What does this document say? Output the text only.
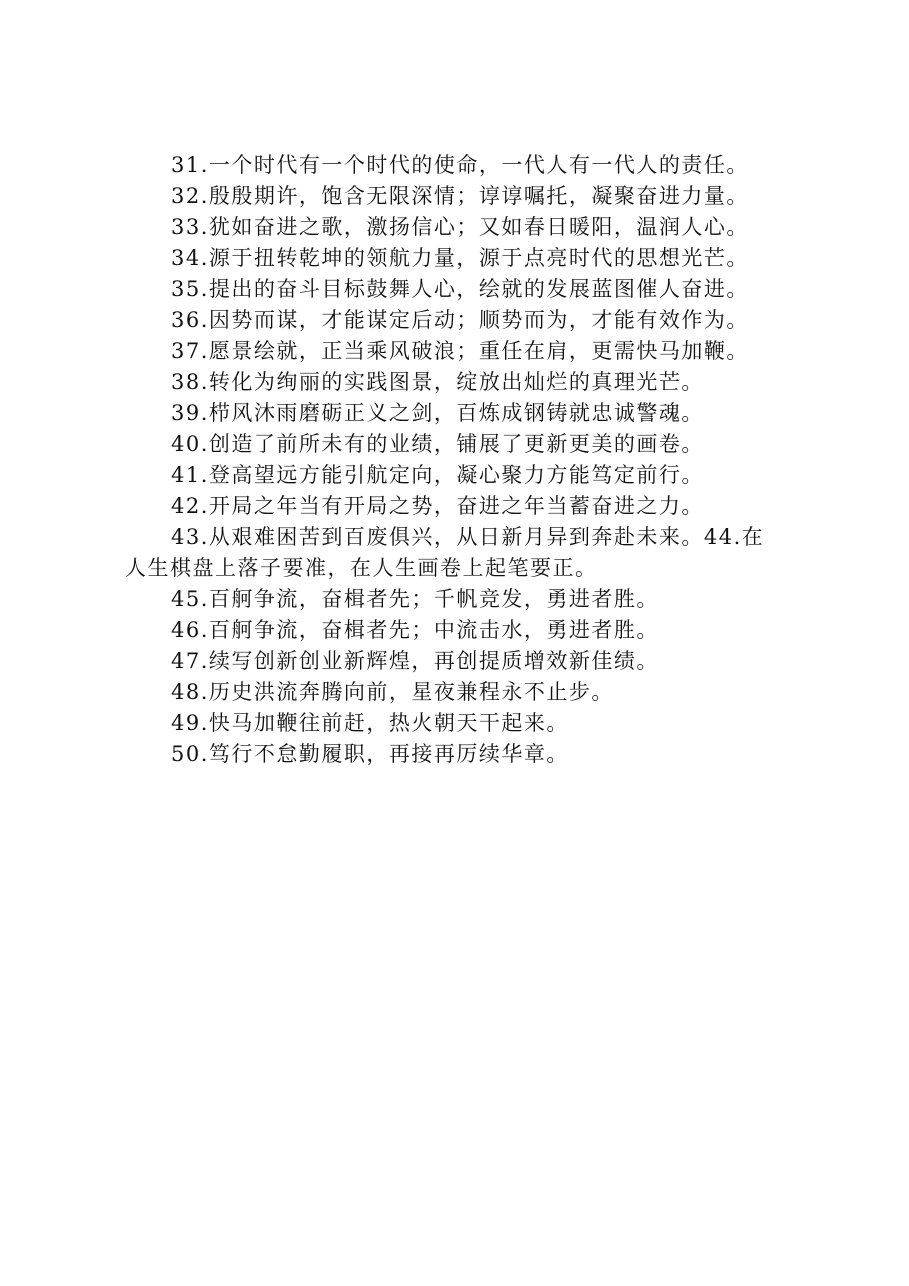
31.一个时代有一个时代的使命，一代人有一代人的责任。
32.殷殷期许，饱含无限深情；谆谆嘱托，凝聚奋进力量。
33.犹如奋进之歌，激扬信心；又如春日暖阳，温润人心。
34.源于扭转乾坤的领航力量，源于点亮时代的思想光芒。
35.提出的奋斗目标鼓舞人心，绘就的发展蓝图催人奋进。
36.因势而谋，才能谋定后动；顺势而为，才能有效作为。
37.愿景绘就，正当乘风破浪；重任在肩，更需快马加鞭。
38.转化为绚丽的实践图景，绽放出灿烂的真理光芒。
39.栉风沐雨磨砺正义之剑，百炼成钢铸就忠诚警魂。
40.创造了前所未有的业绩，铺展了更新更美的画卷。
41.登高望远方能引航定向，凝心聚力方能笃定前行。
42.开局之年当有开局之势，奋进之年当蓄奋进之力。
43.从艰难困苦到百废俱兴，从日新月异到奔赴未来。44.在
人生棋盘上落子要准，在人生画卷上起笔要正。
45.百舸争流，奋楫者先；千帆竞发，勇进者胜。
46.百舸争流，奋楫者先；中流击水，勇进者胜。
47.续写创新创业新辉煌，再创提质增效新佳绩。
48.历史洪流奔腾向前，星夜兼程永不止步。
49.快马加鞭往前赶，热火朝天干起来。
50.笃行不怠勤履职，再接再厉续华章。
